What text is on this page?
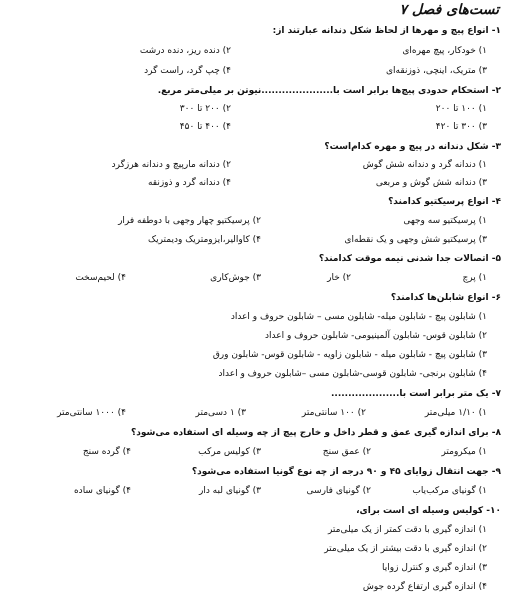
تست‌های فصل ۷
۱- انواع پیچ و مهرها از لحاظ شکل دندانه عبارتند از:
۱) خودکار، پیچ مهره‌ای
۲) دنده ریز، دنده درشت
۳) متریک، اینچی، ذوزنقه‌ای
۴) چپ گرد، راست گرد
۲- استحکام حدودی پیچ‌ها برابر است با.....................نیوتن بر میلی‌متر مربع.
۱) ۱۰۰ تا ۲۰۰
۲) ۲۰۰ تا ۳۰۰
۳) ۳۰۰ تا ۴۲۰
۴) ۴۰۰ تا ۴۵۰
۳- شکل دندانه در پیچ و مهره کدام‌است؟
۱) دندانه گرد و دندانه شش گوش
۲) دندانه مارپیچ و دندانه هرزگرد
۳) دندانه شش گوش و مربعی
۴) دندانه گرد و ذوزنقه
۴- انواع پرسیکتیو کدامند؟
۱) پرسیکتیو سه وجهی
۲) پرسیکتیو چهار وجهی با دوطفه فرار
۳) پرسیکتیو شش وجهی و یک نقطه‌ای
۴) کاوالیر،ایزومتریک ودیمتریک
۵- اتصالات جدا شدنی نیمه موقت کدامند؟
۱) پرچ
۲) خار
۳) جوش‌کاری
۴) لحیم‌سخت
۶- انواع شابلن‌ها کدامند؟
۱) شابلون پیچ - شابلون میله- شابلون مسی – شابلون حروف و اعداد
۲) شابلون قوس- شابلون آلمینیومی- شابلون حروف و اعداد
۳) شابلون پیچ - شابلون میله - شابلون زاویه - شابلون قوس- شابلون ورق
۴) شابلون برنجی- شابلون قوسی-شابلون مسی –شابلون حروف و اعداد
۷- یک متر برابر است با....................
۱) ۱/۱۰ میلی‌متر
۲) ۱۰۰ سانتی‌متر
۳) ۱ دسی‌متر
۴) ۱۰۰۰ سانتی‌متر
۸- برای اندازه گیری عمق و قطر داخل و خارج پیچ از چه وسیله ای استفاده می‌شود؟
۱) میکرومتر
۲) عمق سنج
۳) کولیس مرکب
۴) گرده سنج
۹- جهت انتقال زوایای ۴۵ و ۹۰ درجه از چه نوع گونیا استفاده می‌شود؟
۱) گونیای مرکب‌یاب
۲) گونیای فارسی
۳) گونیای لبه دار
۴) گونیای ساده
۱۰- کولیس وسیله ای است برای،
۱) اندازه گیری با دقت کمتر از یک میلی‌متر
۲) اندازه گیری با دقت بیشتر از یک میلی‌متر
۳) اندازه گیری و کنترل زوایا
۴) اندازه گیری ارتفاع گرده جوش
